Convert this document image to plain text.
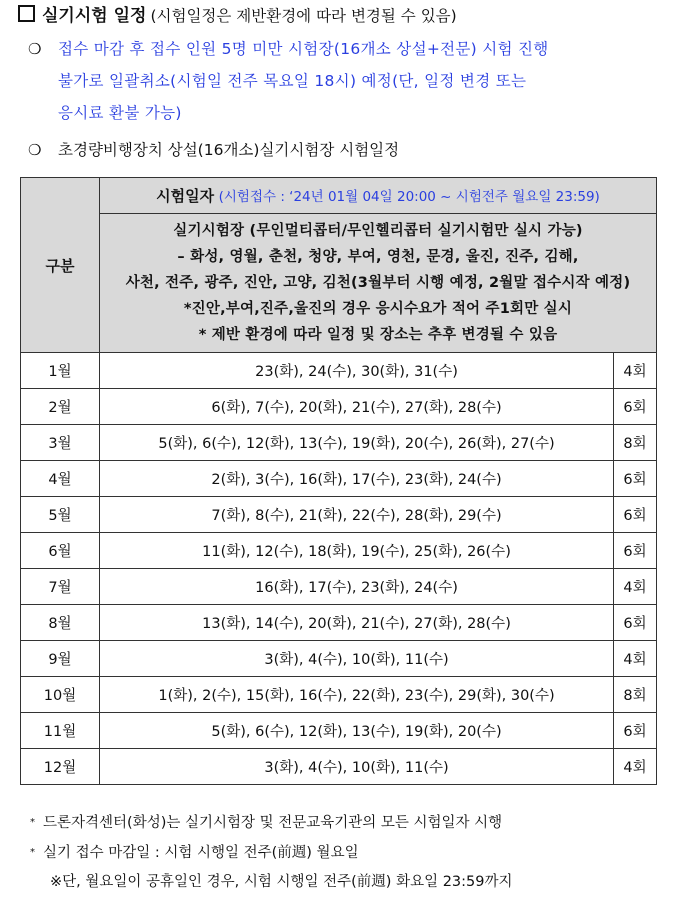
실기시험 일정 (시험일정은 제반환경에 따라 변경될 수 있음)
❍	접수 마감 후 접수 인원 5명 미만 시험장(16개소 상설+전문) 시험 진행
불가로 일괄취소(시험일 전주 목요일 18시) 예정(단, 일정 변경 또는
응시료 환불 가능)
❍	초경량비행장치 상설(16개소)실기시험장 시험일정
구분	시험일자 (시험접수 : ‘24년 01월 04일 20:00 ~ 시험전주 월요일 23:59)	

	실기시험장 (무인멀티콥터/무인헬리콥터 실기시험만 실시 가능)
– 화성, 영월, 춘천, 청양, 부여, 영천, 문경, 울진, 진주, 김해,
사천, 전주, 광주, 진안, 고양, 김천(3월부터 시행 예정, 2월말 접수시작 예정)
*진안,부여,진주,울진의 경우 응시수요가 적어 주1회만 실시
* 제반 환경에 따라 일정 및 장소는 추후 변경될 수 있음	

1월	23(화), 24(수), 30(화), 31(수)	4회
2월	6(화), 7(수), 20(화), 21(수), 27(화), 28(수)	6회
3월	5(화), 6(수), 12(화), 13(수), 19(화), 20(수), 26(화), 27(수)	8회
4월	2(화), 3(수), 16(화), 17(수), 23(화), 24(수)	6회
5월	7(화), 8(수), 21(화), 22(수), 28(화), 29(수)	6회
6월	11(화), 12(수), 18(화), 19(수), 25(화), 26(수)	6회
7월	16(화), 17(수), 23(화), 24(수)	4회
8월	13(화), 14(수), 20(화), 21(수), 27(화), 28(수)	6회
9월	3(화), 4(수), 10(화), 11(수)	4회
10월	1(화), 2(수), 15(화), 16(수), 22(화), 23(수), 29(화), 30(수)	8회
11월	5(화), 6(수), 12(화), 13(수), 19(화), 20(수)	6회
12월	3(화), 4(수), 10(화), 11(수)	4회
* 드론자격센터(화성)는 실기시험장 및 전문교육기관의 모든 시험일자 시행
* 실기 접수 마감일 : 시험 시행일 전주(前週) 월요일
※단, 월요일이 공휴일인 경우, 시험 시행일 전주(前週) 화요일 23:59까지
